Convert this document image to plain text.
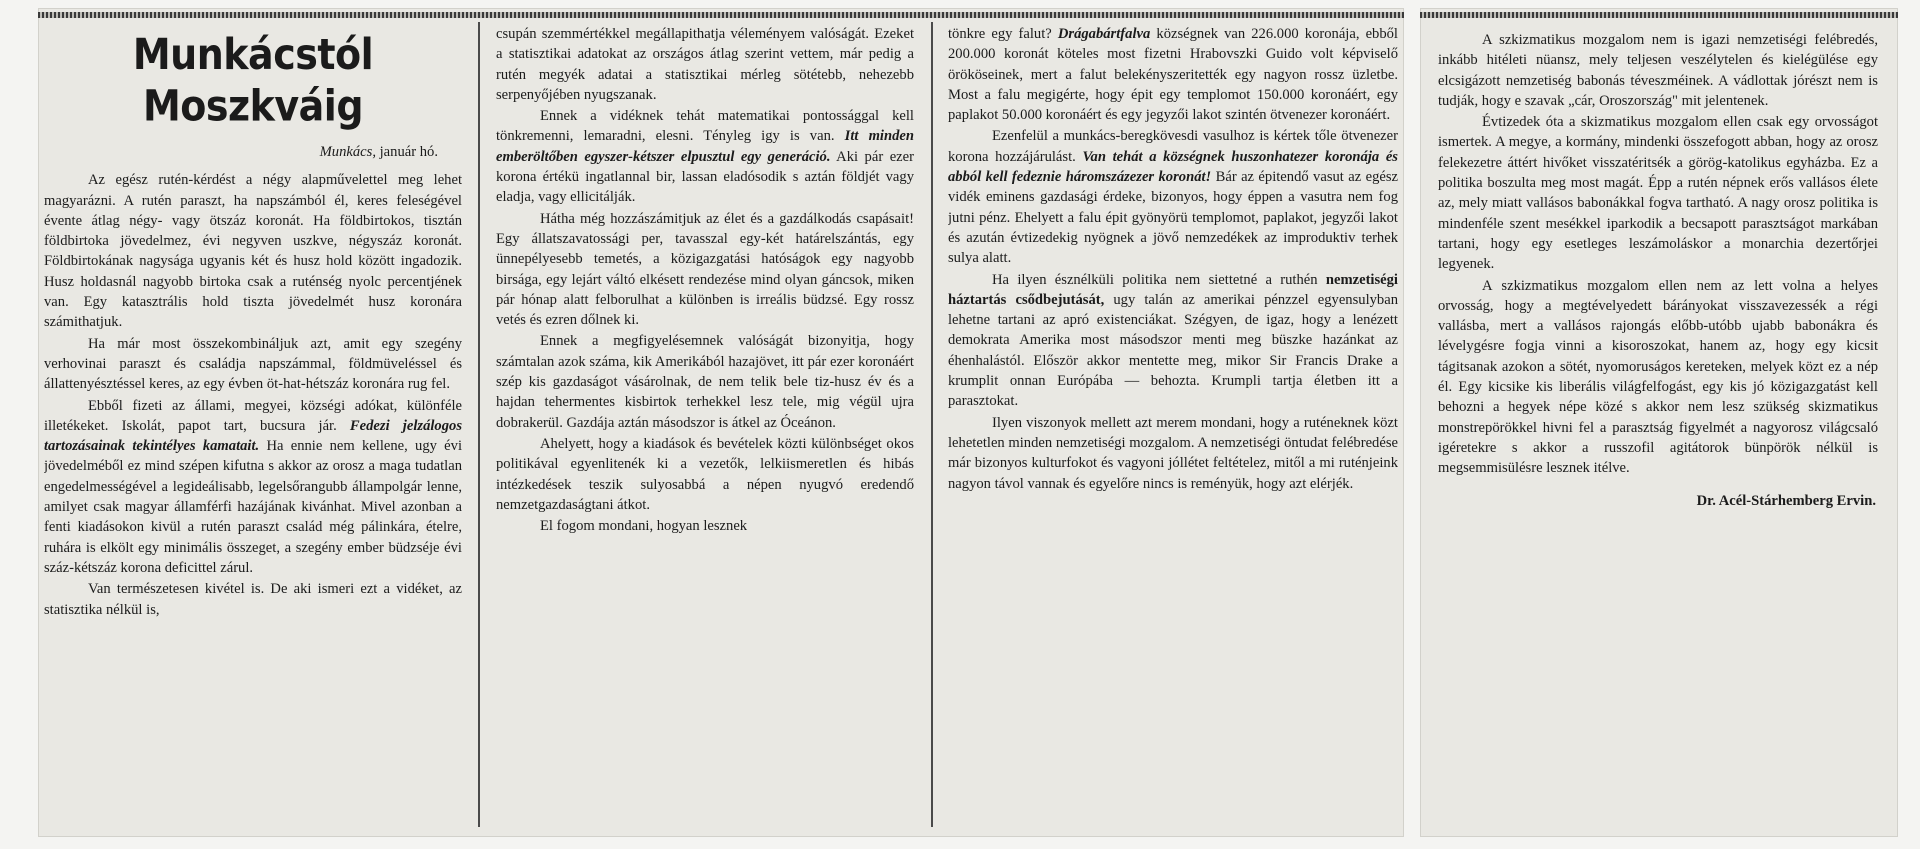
Munkácstól Moszkváig
Munkács, január hó.

Az egész rutén-kérdést a négy alapművelettel meg lehet magyarázni. A rutén paraszt, ha napszámból él, keres feleségével évente átlag négy- vagy ötszáz koronát. Ha földbirtokos, tisztán földbirtoka jövedelmez, évi negyven uszkve, négyszáz koronát. Földbirtokának nagysága ugyanis két és husz hold között ingadozik. Husz holdasnál nagyobb birtoka csak a ruténség nyolc percentjének van. Egy katasztrális hold tiszta jövedelmét husz koronára számithatjuk.

Ha már most összekombináljuk azt, amit egy szegény verhovinai paraszt és családja napszámmal, földmüveléssel és állattenyésztéssel keres, az egy évben öt-hat-hétszáz koronára rug fel.

Ebből fizeti az állami, megyei, községi adókat, különféle illetékeket. Iskolát, papot tart, bucsura jár. Fedezi jelzálogos tartozásainak tekintélyes kamatait. Ha ennie nem kellene, ugy évi jövedelméből ez mind szépen kifutna s akkor az orosz a maga tudatlan engedelmességével a legideálisabb, legelsőrangubb állampolgár lenne, amilyet csak magyar államférfi hazájának kivánhat. Mivel azonban a fenti kiadásokon kivül a rutén paraszt család még pálinkára, ételre, ruhára is elkölt egy minimális összeget, a szegény ember büdzséje évi száz-kétszáz korona deficittel zárul.

Van természetesen kivétel is. De aki ismeri ezt a vidéket, az statisztika nélkül is,

csupán szemmértékkel megállapithatja véleményem valóságát. Ezeket a statisztikai adatokat az országos átlag szerint vettem, már pedig a rutén megyék adatai a statisztikai mérleg sötétebb, nehezebb serpenyőjében nyugszanak.

Ennek a vidéknek tehát matematikai pontossággal kell tönkremenni, lemaradni, elesni. Tényleg igy is van. Itt minden emberöltőben egyszer-kétszer elpusztul egy generáció. Aki pár ezer korona értékü ingatlannal bir, lassan eladósodik s aztán földjét vagy eladja, vagy ellicitálják.

Hátha még hozzászámitjuk az élet és a gazdálkodás csapásait! Egy állatszavatossági per, tavasszal egy-két határelszántás, egy ünnepélyesebb temetés, a közigazgatási hatóságok egy nagyobb birsága, egy lejárt váltó elkésett rendezése mind olyan gáncsok, miken pár hónap alatt felborulhat a különben is irreális büdzsé. Egy rossz vetés és ezren dőlnek ki.

Ennek a megfigyelésemnek valóságát bizonyitja, hogy számtalan azok száma, kik Amerikából hazajövet, itt pár ezer koronáért szép kis gazdaságot vásárolnak, de nem telik bele tiz-husz év és a hajdan tehermentes kisbirtok terhekkel lesz tele, mig végül ujra dobrakerül. Gazdája aztán másodszor is átkel az Óceánon.

Ahelyett, hogy a kiadások és bevételek közti különbséget okos politikával egyenlitenék ki a vezetők, lelkiismeretlen és hibás intézkedések teszik sulyosabbá a népen nyugvó eredendő nemzetgazdaságtani átkot.

El fogom mondani, hogyan lesznek

tönkre egy falut? Drágabártfalva községnek van 226.000 koronája, ebből 200.000 koronát köteles most fizetni Hrabovszki Guido volt képviselő örököseinek, mert a falut belekényszeritették egy nagyon rossz üzletbe. Most a falu megigérte, hogy épit egy templomot 150.000 koronáért, egy paplakot 50.000 koronáért és egy jegyzői lakot szintén ötvenezer koronáért.

Ezenfelül a munkács-beregkövesdi vasulhoz is kértek tőle ötvenezer korona hozzájárulást. Van tehát a községnek huszonhatezer koronája és abból kell fedeznie háromszázezer koronát! Bár az épitendő vasut az egész vidék eminens gazdasági érdeke, bizonyos, hogy éppen a vasutra nem fog jutni pénz. Ehelyett a falu épit gyönyörü templomot, paplakot, jegyzői lakot és azután évtizedekig nyögnek a jövő nemzedékek az improduktiv terhek sulya alatt.

Ha ilyen észnélküli politika nem siettetné a ruthén nemzetiségi háztartás csődbejutását, ugy talán az amerikai pénzzel egyensulyban lehetne tartani az apró existenciákat. Szégyen, de igaz, hogy a lenézett demokrata Amerika most másodszor menti meg büszke hazánkat az éhenhalástól. Először akkor mentette meg, mikor Sir Francis Drake a krumplit onnan Európába — behozta. Krumpli tartja életben itt a parasztokat.

Ilyen viszonyok mellett azt merem mondani, hogy a ruténeknek közt lehetetlen minden nemzetiségi mozgalom. A nemzetiségi öntudat felébredése már bizonyos kulturfokot és vagyoni jóllétet feltételez, mitől a mi ruténjeink nagyon távol vannak és egyelőre nincs is reményük, hogy azt elérjék.

A szkizmatikus mozgalom nem is igazi nemzetiségi felébredés, inkább hitéleti nüansz, mely teljesen veszélytelen és kielégülése egy elcsigázott nemzetiség babonás téveszméinek. A vádlottak jórészt nem is tudják, hogy e szavak „cár, Oroszország" mit jelentenek.

Évtizedek óta a skizmatikus mozgalom ellen csak egy orvosságot ismertek. A megye, a kormány, mindenki összefogott abban, hogy az orosz felekezetre áttért hivőket visszatéritsék a görög-katolikus egyházba. Ez a politika boszulta meg most magát. Épp a rutén népnek erős vallásos élete az, mely miatt vallásos babonákkal fogva tartható. A nagy orosz politika is mindenféle szent mesékkel iparkodik a becsapott parasztságot markában tartani, hogy egy esetleges leszámoláskor a monarchia dezertőrjei legyenek.

A szkizmatikus mozgalom ellen nem az lett volna a helyes orvosság, hogy a megtévelyedett bárányokat visszavezessék a régi vallásba, mert a vallásos rajongás előbb-utóbb ujabb babonákra és lévelygésre fogja vinni a kisoroszokat, hanem az, hogy egy kicsit tágitsanak azokon a sötét, nyomoruságos kereteken, melyek közt ez a nép él. Egy kicsike kis liberális világfelfogást, egy kis jó közigazgatást kell behozni a hegyek népe közé s akkor nem lesz szükség skizmatikus monstrepörökkel hivni fel a parasztság figyelmét a nagyorosz világcsaló igéretekre s akkor a russzofil agitátorok bünpörök nélkül is megsemmisülésre lesznek itélve.

Dr. Acél-Stárhemberg Ervin.
